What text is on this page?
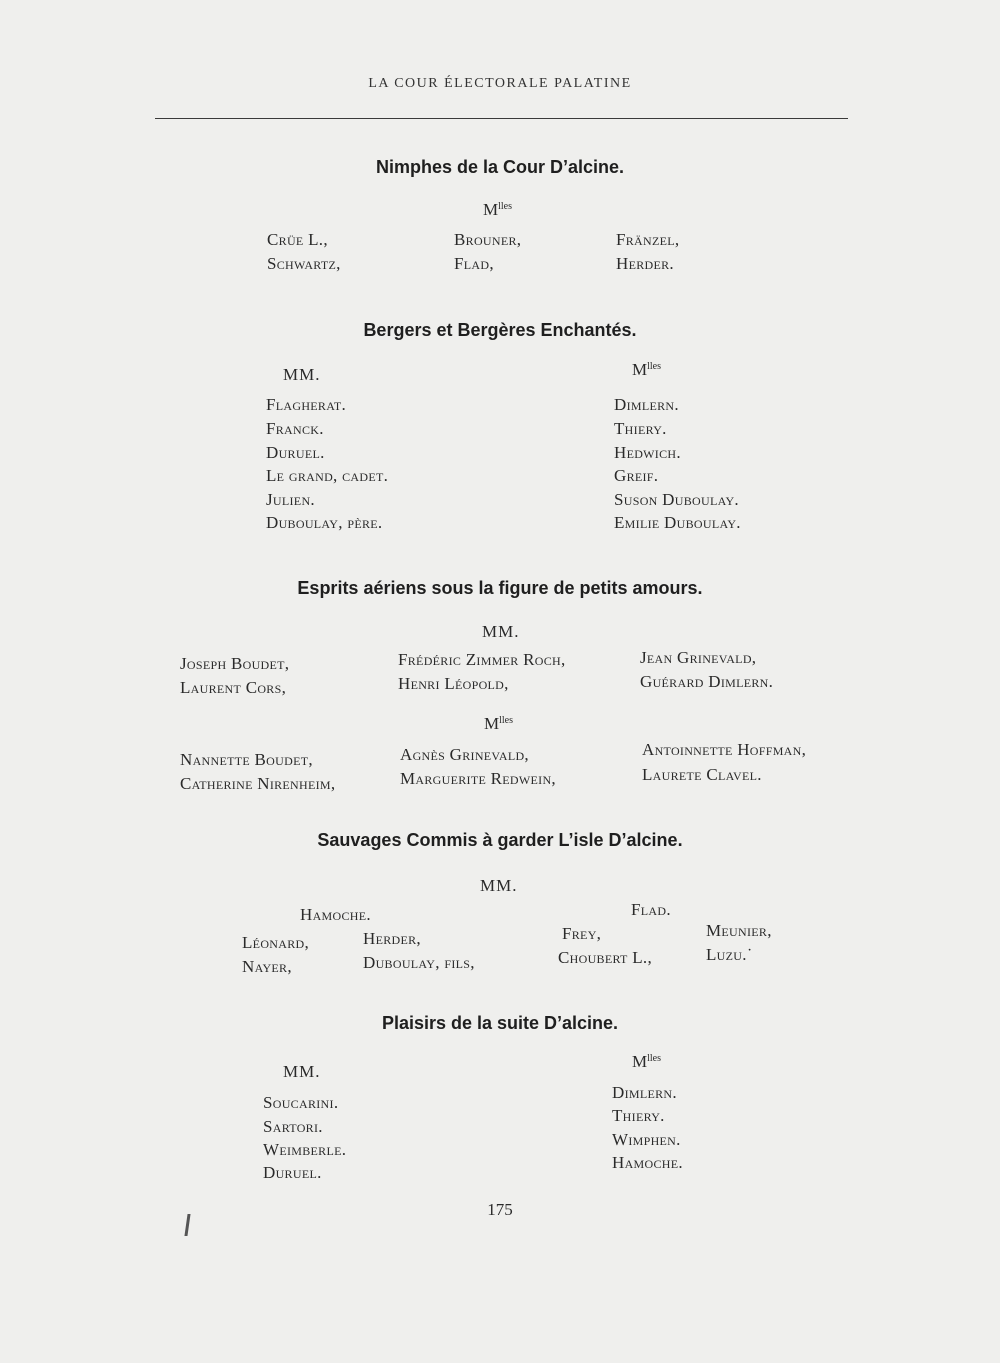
LA COUR ÉLECTORALE PALATINE
Nimphes de la Cour D’alcine.
$M^{lles}$
Crüe L.,
Schwartz,
Brouner,
Flad,
Fränzel,
Herder.
Bergers et Bergères Enchantés.
MM.	$M^{lles}$
Flagherat.
Franck.
Duruel.
Le grand, cadet.
Julien.
Duboulay, père.
Dimlern.
Thiery.
Hedwich.
Greif.
Suson Duboulay.
Emilie Duboulay.
Esprits aériens sous la figure de petits amours.
MM.
Joseph Boudet,
Laurent Cors,
Frédéric Zimmer Roch,
Henri Léopold,
Jean Grinevald,
Guérard Dimlern.
$M^{lles}$
Nannette Boudet,
Catherine Nirenheim,
Agnès Grinevald,
Marguerite Redwein,
Antoinnette Hoffman,
Laurete Clavel.
Sauvages Commis à garder L’isle D’alcine.
MM.
Hamoche.	Flad.
Léonard,
Nayer,
Herder,
Duboulay, fils,
Frey,
Choubert L.,
Meunier,
Luzu.˙
Plaisirs de la suite D’alcine.
MM.
$M^{lles}$
Soucarini.
Sartori.
Weimberle.
Duruel.
Dimlern.
Thiery.
Wimphen.
Hamoche.
175
